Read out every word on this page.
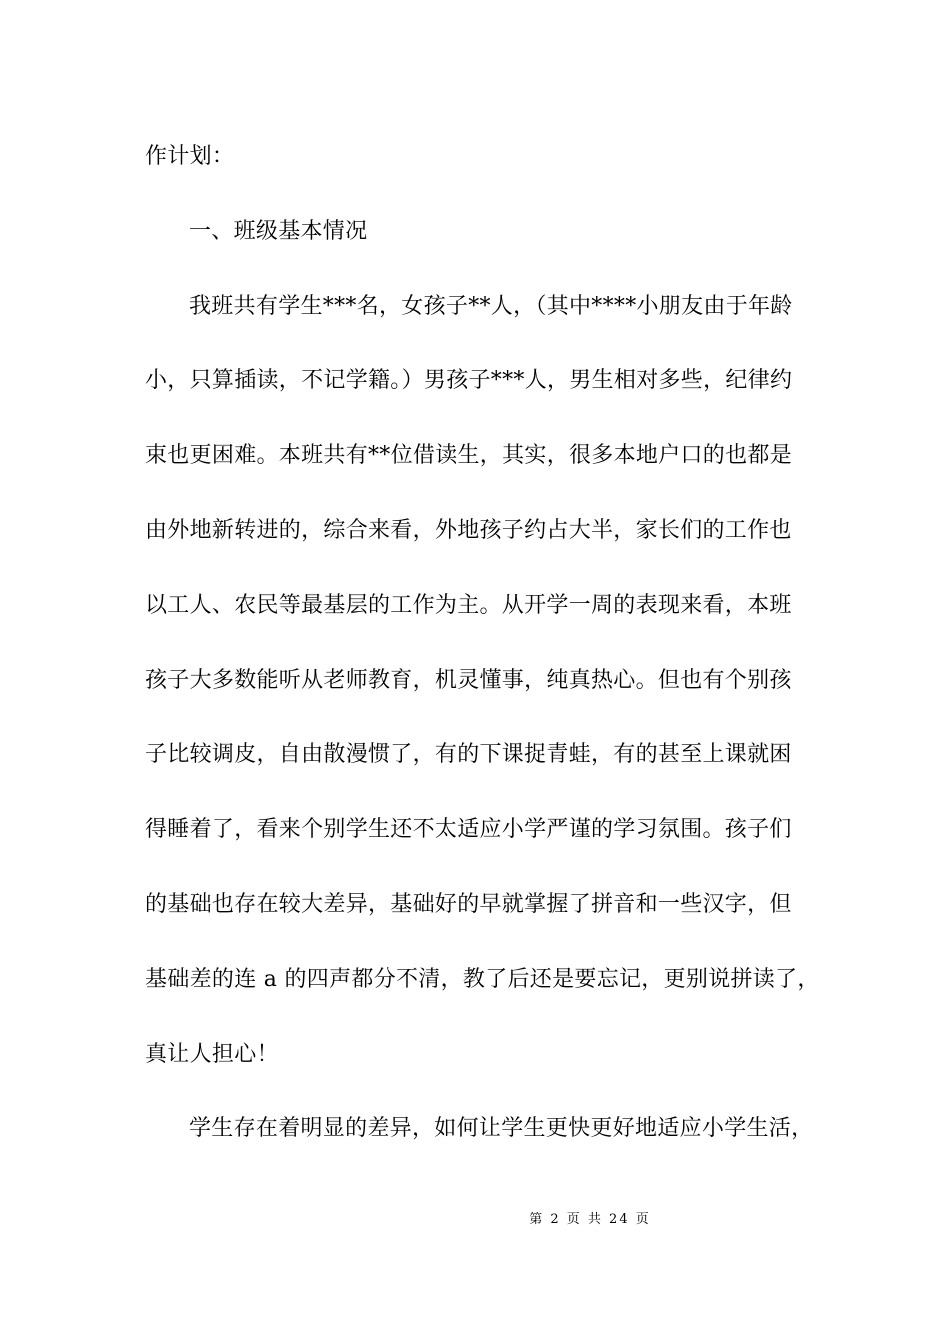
作计划：
一、班级基本情况
我班共有学生***名，女孩子**人，（其中****小朋友由于年龄
小，只算插读，不记学籍。）男孩子***人，男生相对多些，纪律约
束也更困难。本班共有**位借读生，其实，很多本地户口的也都是
由外地新转进的，综合来看，外地孩子约占大半，家长们的工作也
以工人、农民等最基层的工作为主。从开学一周的表现来看，本班
孩子大多数能听从老师教育，机灵懂事，纯真热心。但也有个别孩
子比较调皮，自由散漫惯了，有的下课捉青蛙，有的甚至上课就困
得睡着了，看来个别学生还不太适应小学严谨的学习氛围。孩子们
的基础也存在较大差异，基础好的早就掌握了拼音和一些汉字，但
基础差的连 a 的四声都分不清，教了后还是要忘记，更别说拼读了，
真让人担心！
学生存在着明显的差异，如何让学生更快更好地适应小学生活，
第 2 页 共 24 页
